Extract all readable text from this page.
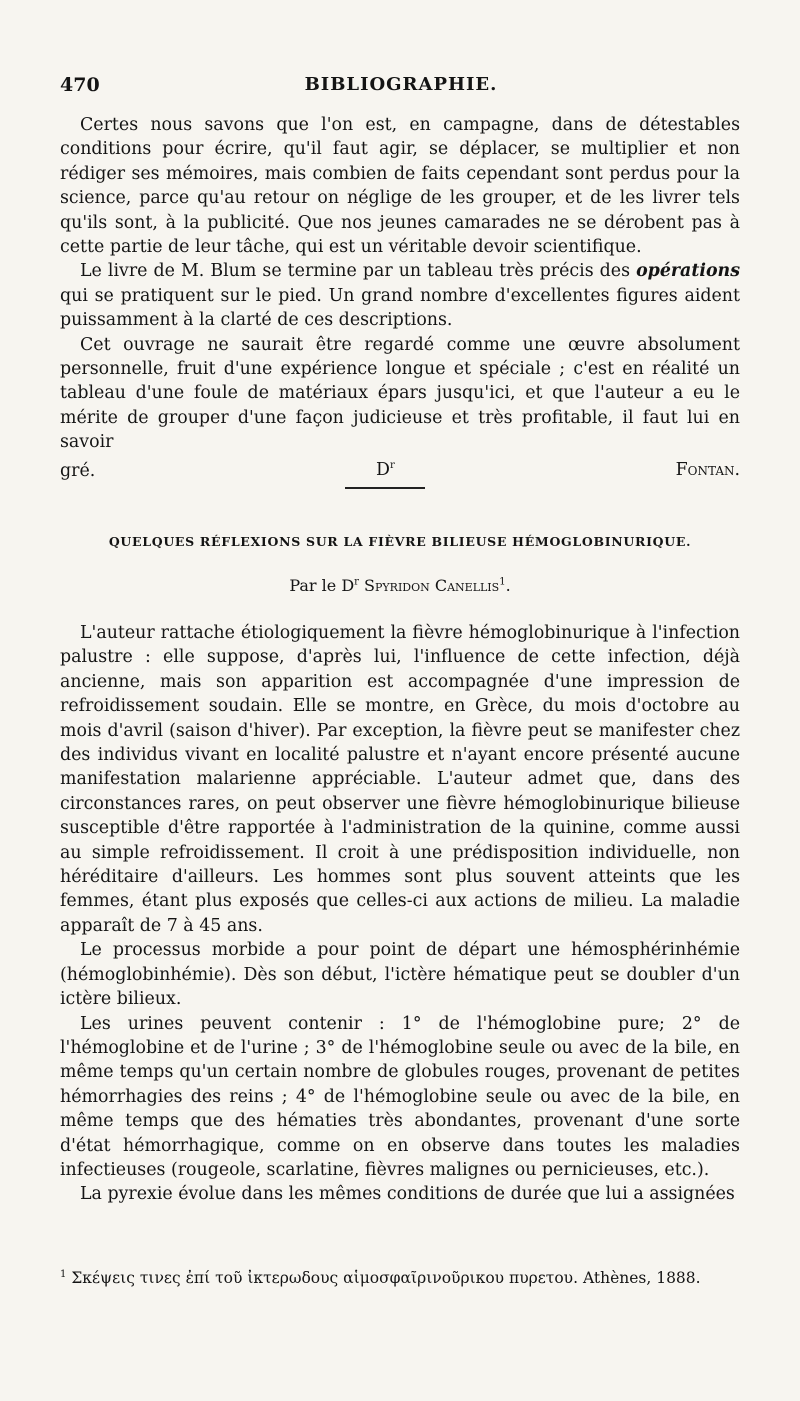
470	BIBLIOGRAPHIE.

Certes nous savons que l'on est, en campagne, dans de détestables conditions pour écrire, qu'il faut agir, se déplacer, se multiplier et non rédiger ses mémoires, mais combien de faits cependant sont perdus pour la science, parce qu'au retour on néglige de les grouper, et de les livrer tels qu'ils sont, à la publicité. Que nos jeunes camarades ne se dérobent pas à cette partie de leur tâche, qui est un véritable devoir scientifique.

Le livre de M. Blum se termine par un tableau très précis des opérations qui se pratiquent sur le pied. Un grand nombre d'excellentes figures aident puissamment à la clarté de ces descriptions.

Cet ouvrage ne saurait être regardé comme une œuvre absolument personnelle, fruit d'une expérience longue et spéciale ; c'est en réalité un tableau d'une foule de matériaux épars jusqu'ici, et que l'auteur a eu le mérite de grouper d'une façon judicieuse et très profitable, il faut lui en savoir

gré.	$D^r$	Fontan.
QUELQUES RÉFLEXIONS SUR LA FIÈVRE BILIEUSE HÉMOGLOBINURIQUE.
Par le $D^r$ Spyridon Canellis$^1$.

L'auteur rattache étiologiquement la fièvre hémoglobinurique à l'infection palustre : elle suppose, d'après lui, l'influence de cette infection, déjà ancienne, mais son apparition est accompagnée d'une impression de refroidissement soudain. Elle se montre, en Grèce, du mois d'octobre au mois d'avril (saison d'hiver). Par exception, la fièvre peut se manifester chez des individus vivant en localité palustre et n'ayant encore présenté aucune manifestation malarienne appréciable. L'auteur admet que, dans des circonstances rares, on peut observer une fièvre hémoglobinurique bilieuse susceptible d'être rapportée à l'administration de la quinine, comme aussi au simple refroidissement. Il croit à une prédisposition individuelle, non héréditaire d'ailleurs. Les hommes sont plus souvent atteints que les femmes, étant plus exposés que celles-ci aux actions de milieu. La maladie apparaît de 7 à 45 ans.

Le processus morbide a pour point de départ une hémosphérinhémie (hémoglobinhémie). Dès son début, l'ictère hématique peut se doubler d'un ictère bilieux.

Les urines peuvent contenir : 1° de l'hémoglobine pure; 2° de l'hémoglobine et de l'urine ; 3° de l'hémoglobine seule ou avec de la bile, en même temps qu'un certain nombre de globules rouges, provenant de petites hémorrhagies des reins ; 4° de l'hémoglobine seule ou avec de la bile, en même temps que des hématies très abondantes, provenant d'une sorte d'état hémorrhagique, comme on en observe dans toutes les maladies infectieuses (rougeole, scarlatine, fièvres malignes ou pernicieuses, etc.).

La pyrexie évolue dans les mêmes conditions de durée que lui a assignées

$^1$ Σκέψεις τινες ἐπί τοῦ ἰκτερωδους αἱμοσφαῖρινοῦρικου πυρετου. Athènes, 1888.
